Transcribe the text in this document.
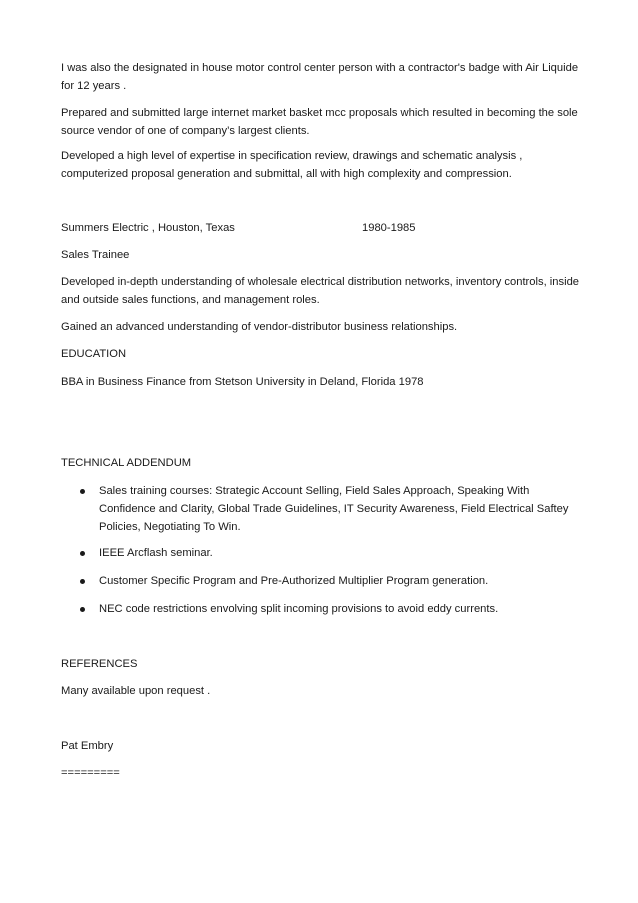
I was also the designated in house motor control center person with a contractor's badge with Air Liquide for 12 years .
Prepared and submitted large internet market basket mcc proposals which resulted in becoming the sole source vendor of one of company’s largest clients.
Developed a high level of expertise in specification review, drawings and schematic analysis , computerized proposal generation and submittal, all with high complexity and compression.
Summers Electric , Houston, Texas	1980-1985
Sales Trainee
Developed in-depth understanding of wholesale electrical distribution networks, inventory controls, inside and outside sales functions, and management roles.
Gained an advanced understanding of vendor-distributor business relationships.
EDUCATION
BBA in Business Finance from Stetson University in Deland, Florida 1978
TECHNICAL ADDENDUM
Sales training courses: Strategic Account Selling, Field Sales Approach, Speaking With Confidence and Clarity, Global Trade Guidelines, IT Security Awareness, Field Electrical Saftey Policies, Negotiating To Win.
IEEE Arcflash seminar.
Customer Specific Program and Pre-Authorized Multiplier Program generation.
NEC code restrictions envolving split incoming provisions to avoid eddy currents.
REFERENCES
Many available upon request .
Pat Embry
=========
